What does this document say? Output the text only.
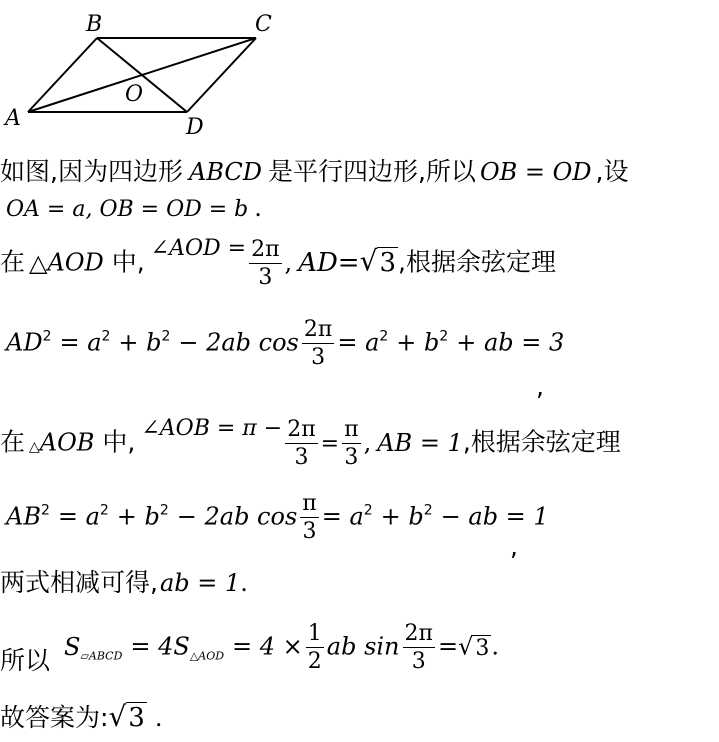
B	C
O
A	D
如图,因为四边形 ABCD 是平行四边形,所以 OB = OD ,设
OA = a, OB = OD = b .
在 △AOD 中, ∠AOD = $\frac{2\pi}{3}$ , AD=√3,根据余弦定理
$AD^2 = a^2 + b^2 - 2ab$ $\cos \frac{2\pi}{3} = a^2 + b^2$ + ab = 3
,
在 △AOB 中, ∠AOB = $\pi - \frac{2\pi}{3} = \frac{\pi}{3}$ , AB = 1,根据余弦定理
$AB^2 = a^2 + b^2 - 2ab$ $\cos \frac{\pi}{3} = a^2 + b^2$ − ab = 1
,
两式相减可得,ab = 1.
所以 $S_{▱ABCD} = 4S_{\triangle AOD} = 4 \times \frac{1}{2}$ ab $\sin \frac{2\pi}{3} =√3$.
故答案为:√3 .
